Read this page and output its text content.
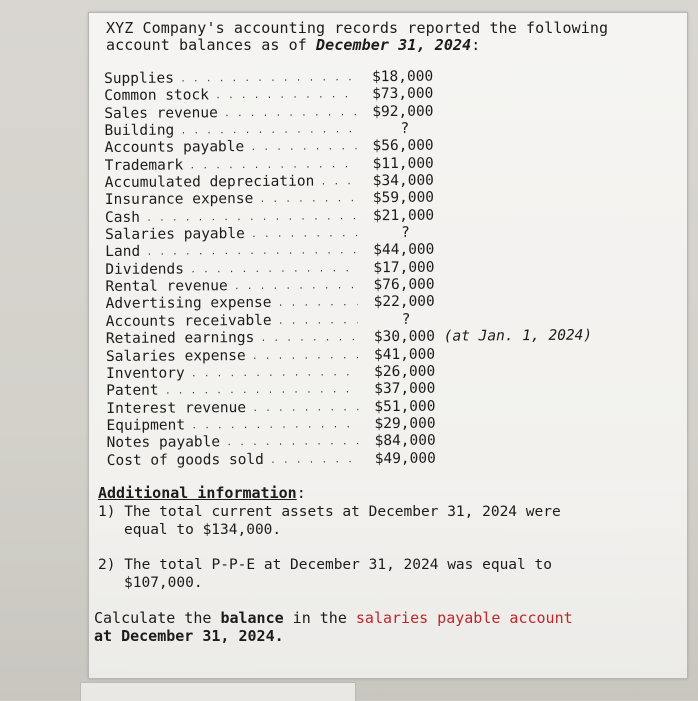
XYZ Company's accounting records reported the following
account balances as of December 31, 2024:
Supplies . . .	$18,000
Common stock . . .	$73,000
Sales revenue . . .	$92,000
Building . . .	?
Accounts payable . . .	$56,000
Trademark . . .	$11,000
Accumulated depreciation . . .	$34,000
Insurance expense . . .	$59,000
Cash . . .	$21,000
Salaries payable . . .	?
Land . . .	$44,000
Dividends . . .	$17,000
Rental revenue . . .	$76,000
Advertising expense . . .	$22,000
Accounts receivable . . .	?
Retained earnings . . .	$30,000 (at Jan. 1, 2024)
Salaries expense . . .	$41,000
Inventory . . .	$26,000
Patent . . .	$37,000
Interest revenue . . .	$51,000
Equipment . . .	$29,000
Notes payable . . .	$84,000
Cost of goods sold . . .	$49,000
Additional information:
1) The total current assets at December 31, 2024 were
equal to $134,000.
2) The total P-P-E at December 31, 2024 was equal to
$107,000.
Calculate the balance in the salaries payable account
at December 31, 2024.
